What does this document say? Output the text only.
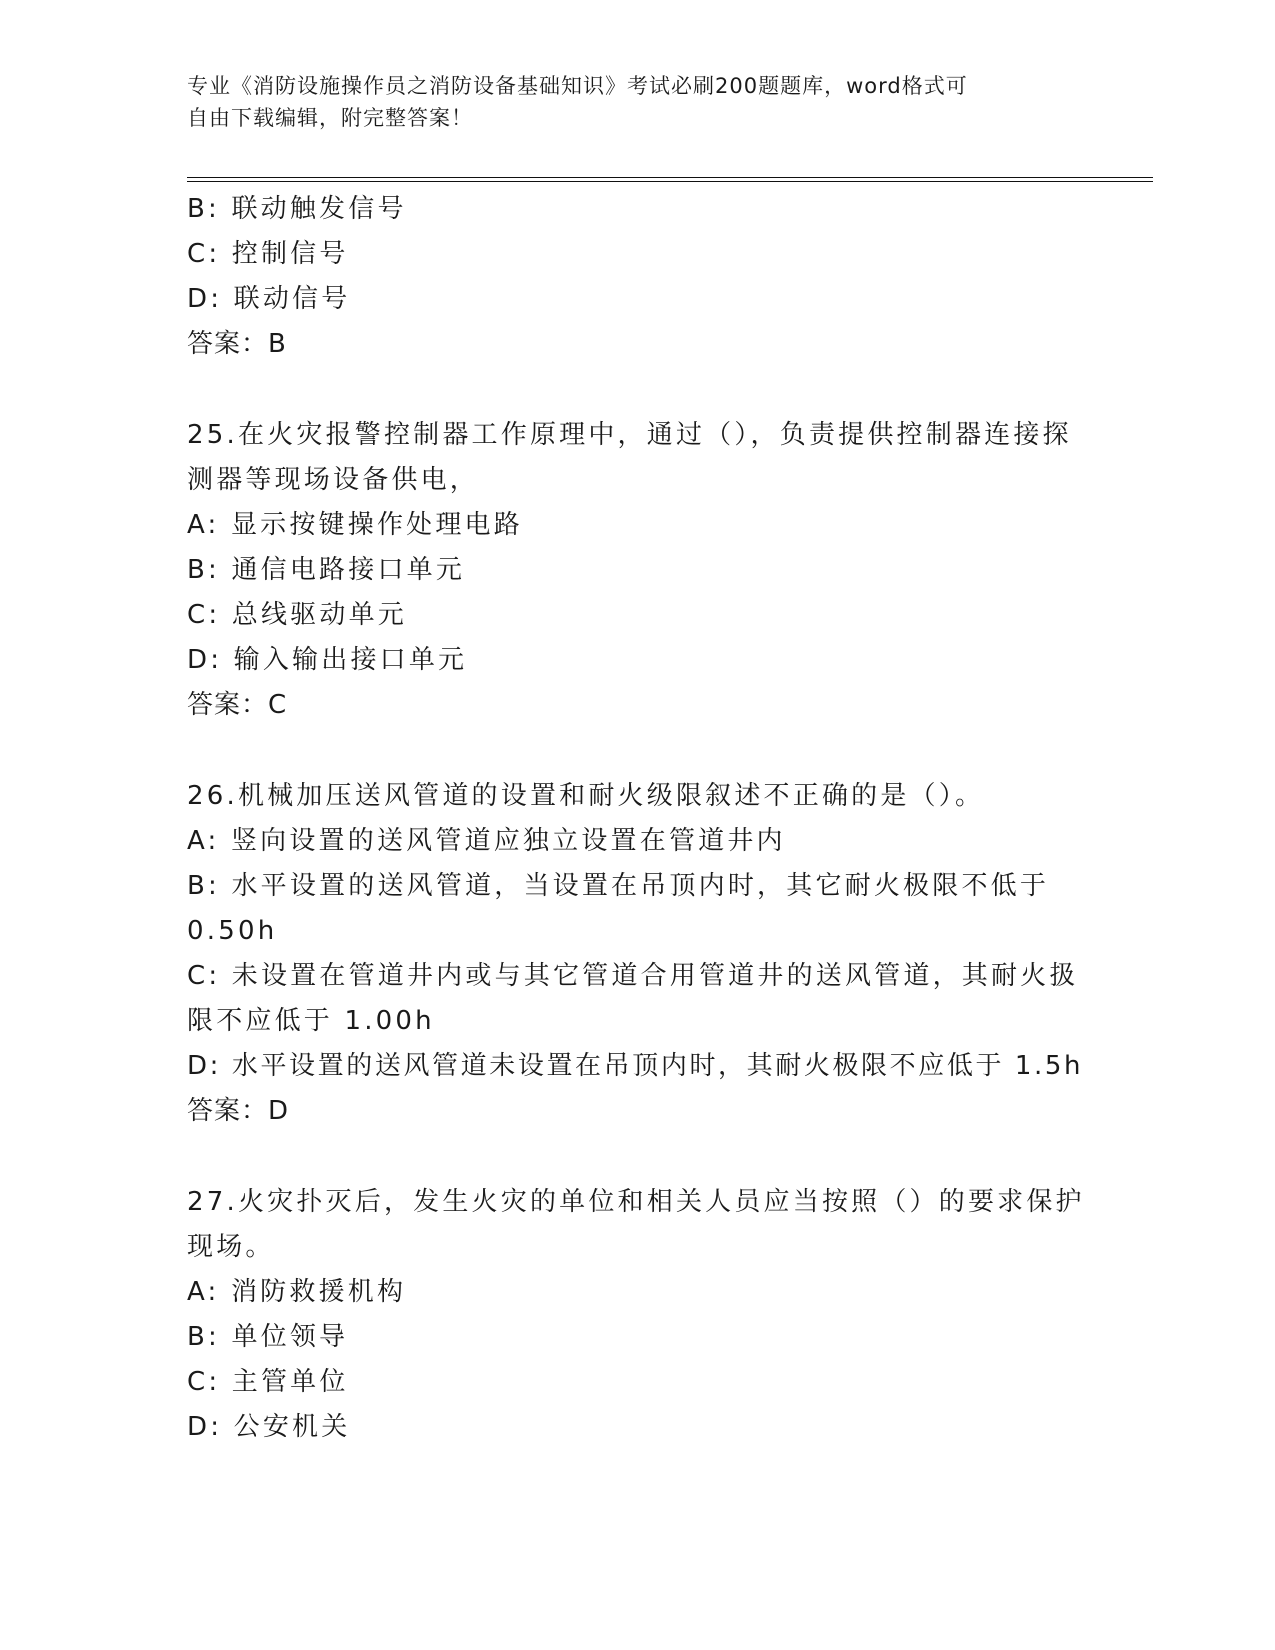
专业《消防设施操作员之消防设备基础知识》考试必刷200题题库，word格式可
自由下载编辑，附完整答案！
B: 联动触发信号
C: 控制信号
D: 联动信号
答案：B
25.在火灾报警控制器工作原理中，通过（），负责提供控制器连接探
测器等现场设备供电，
A: 显示按键操作处理电路
B: 通信电路接口单元
C: 总线驱动单元
D: 输入输出接口单元
答案：C
26.机械加压送风管道的设置和耐火级限叙述不正确的是（）。
A: 竖向设置的送风管道应独立设置在管道井内
B: 水平设置的送风管道，当设置在吊顶内时，其它耐火极限不低于
0.50h
C: 未设置在管道井内或与其它管道合用管道井的送风管道，其耐火扱
限不应低于 1.00h
D: 水平设置的送风管道未设置在吊顶内时，其耐火极限不应低于 1.5h
答案：D
27.火灾扑灭后，发生火灾的单位和相关人员应当按照（）的要求保护
现场。
A: 消防救援机构
B: 单位领导
C: 主管单位
D: 公安机关
